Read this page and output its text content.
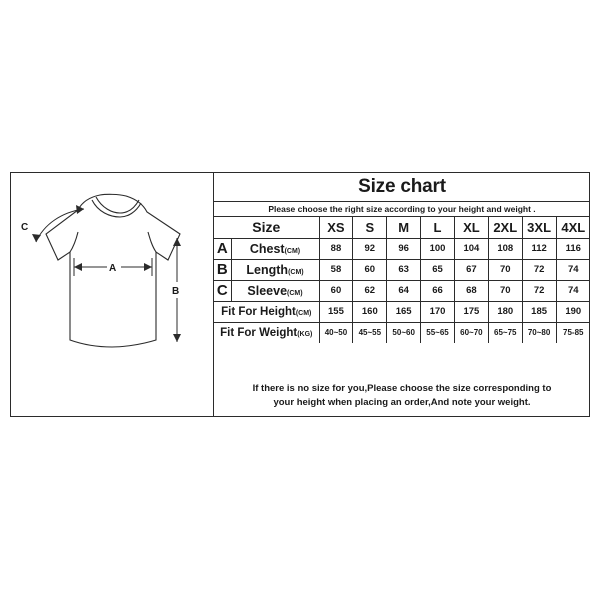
C
A
B
Size chart
Please choose the right size according to your height and weight .
Size		XS	S	M	L	XL	2XL	3XL	4XL
A	Chest(CM)	88	92	96	100	104	108	112	116
B	Length(CM)	58	60	63	65	67	70	72	74
C	Sleeve(CM)	60	62	64	66	68	70	72	74
Fit For Height(CM)		155	160	165	170	175	180	185	190
Fit For Weight(KG)		40~50	45~55	50~60	55~65	60~70	65~75	70~80	75-85
If there is no size for you,Please choose the size corresponding to
your height when placing an order,And note your weight.
